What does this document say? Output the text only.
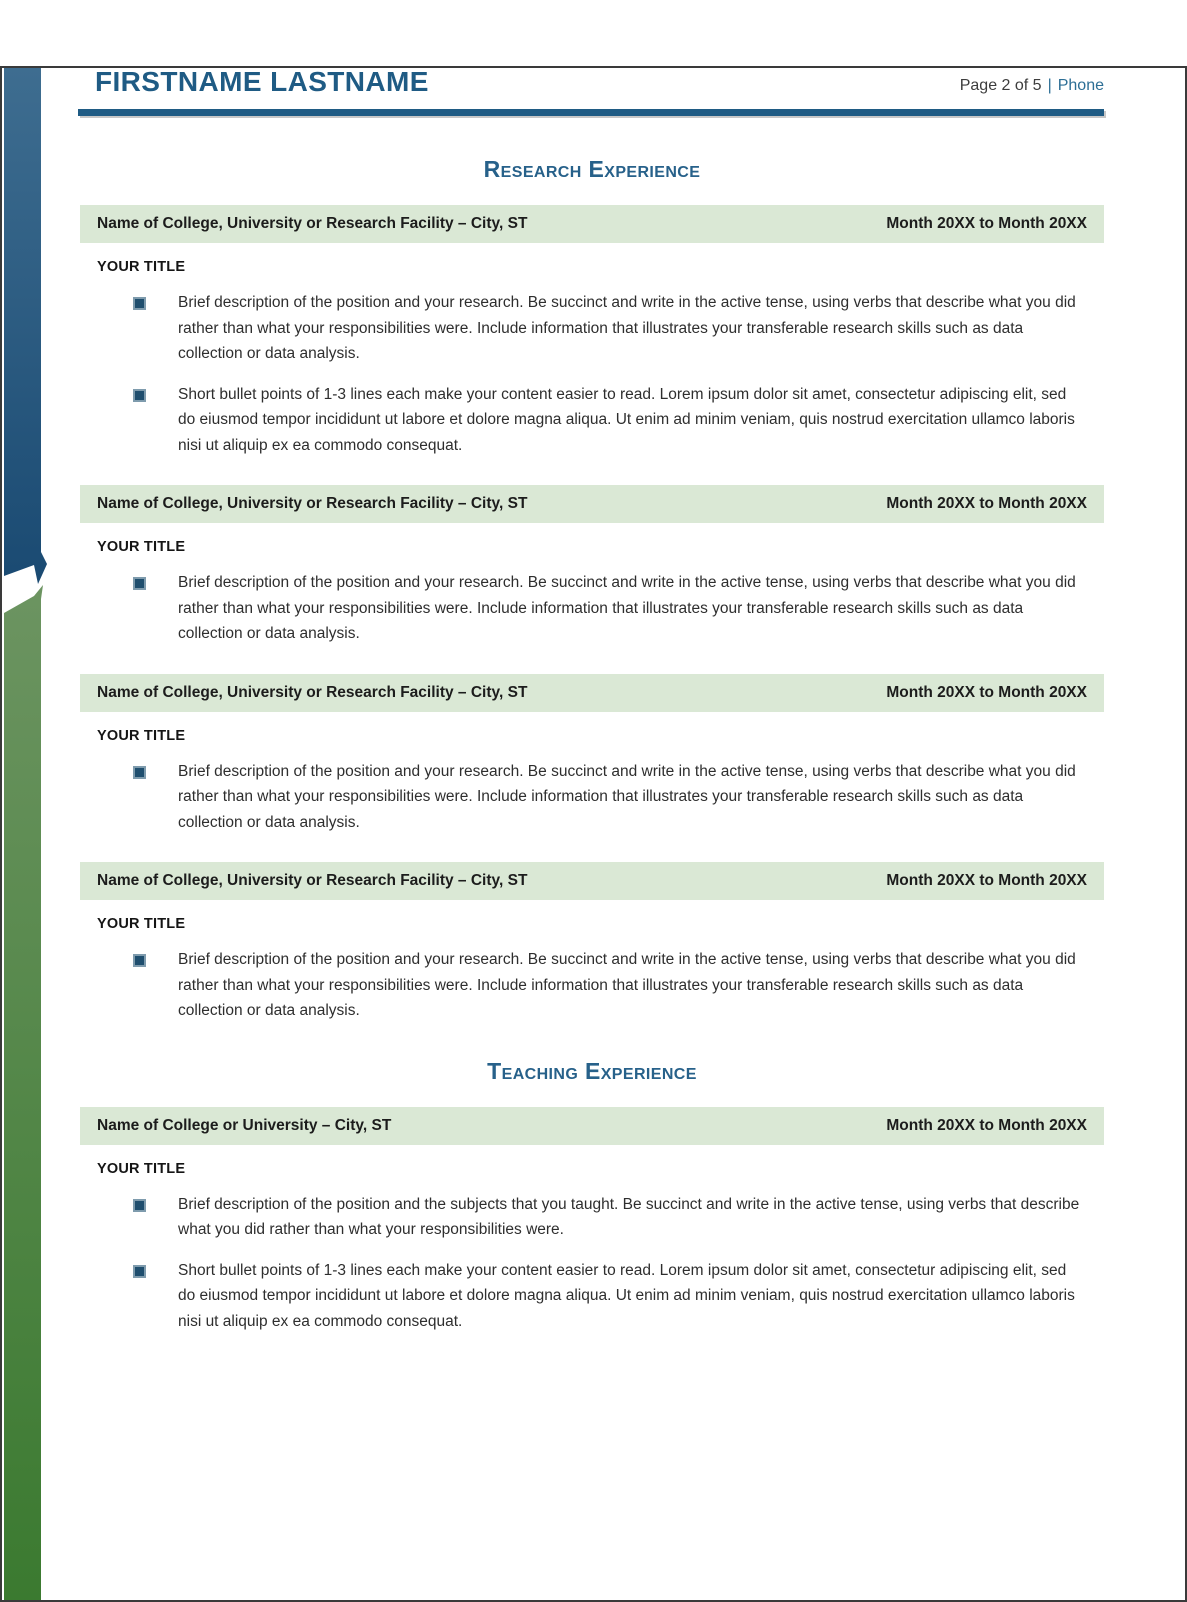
FIRSTNAME LASTNAME	Page 2 of 5 | Phone
Research Experience
Name of College, University or Research Facility – City, ST	Month 20XX to Month 20XX
YOUR TITLE

Brief description of the position and your research. Be succinct and write in the active tense, using verbs that describe what you did rather than what your responsibilities were. Include information that illustrates your transferable research skills such as data collection or data analysis.

Short bullet points of 1-3 lines each make your content easier to read. Lorem ipsum dolor sit amet, consectetur adipiscing elit, sed do eiusmod tempor incididunt ut labore et dolore magna aliqua. Ut enim ad minim veniam, quis nostrud exercitation ullamco laboris nisi ut aliquip ex ea commodo consequat.

Name of College, University or Research Facility – City, ST	Month 20XX to Month 20XX
YOUR TITLE

Brief description of the position and your research. Be succinct and write in the active tense, using verbs that describe what you did rather than what your responsibilities were. Include information that illustrates your transferable research skills such as data collection or data analysis.

Name of College, University or Research Facility – City, ST	Month 20XX to Month 20XX
YOUR TITLE

Brief description of the position and your research. Be succinct and write in the active tense, using verbs that describe what you did rather than what your responsibilities were. Include information that illustrates your transferable research skills such as data collection or data analysis.

Name of College, University or Research Facility – City, ST	Month 20XX to Month 20XX
YOUR TITLE

Brief description of the position and your research. Be succinct and write in the active tense, using verbs that describe what you did rather than what your responsibilities were. Include information that illustrates your transferable research skills such as data collection or data analysis.

Teaching Experience
Name of College or University – City, ST	Month 20XX to Month 20XX
YOUR TITLE

Brief description of the position and the subjects that you taught. Be succinct and write in the active tense, using verbs that describe what you did rather than what your responsibilities were.

Short bullet points of 1-3 lines each make your content easier to read. Lorem ipsum dolor sit amet, consectetur adipiscing elit, sed do eiusmod tempor incididunt ut labore et dolore magna aliqua. Ut enim ad minim veniam, quis nostrud exercitation ullamco laboris nisi ut aliquip ex ea commodo consequat.
